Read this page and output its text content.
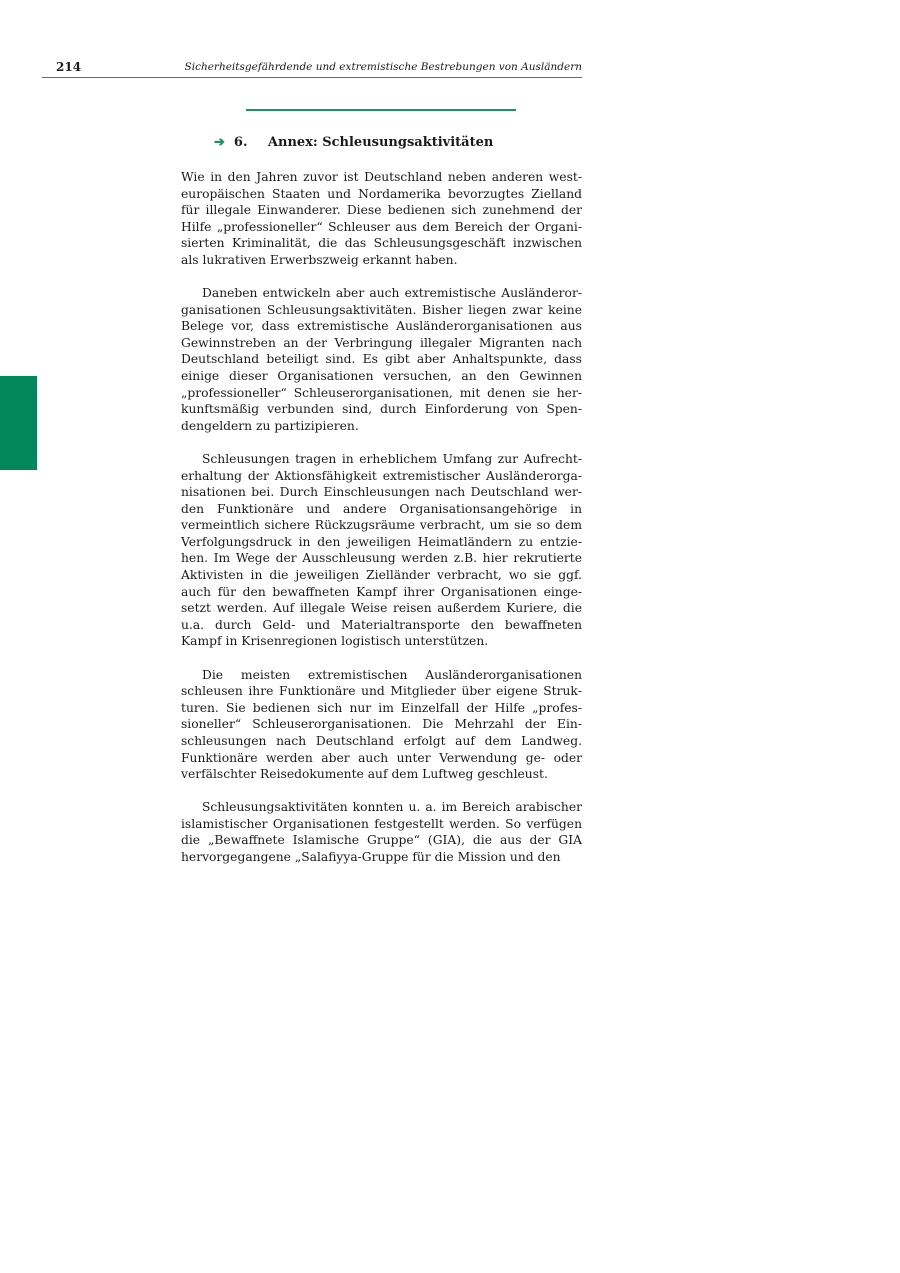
214	Sicherheitsgefährdende und extremistische Bestrebungen von Ausländern
➔ 6. Annex: Schleusungsaktivitäten

Wie in den Jahren zuvor ist Deutschland neben anderen westeuropäischen Staaten und Nordamerika bevorzugtes Zielland für illegale Einwanderer. Diese bedienen sich zunehmend der Hilfe „professioneller“ Schleuser aus dem Bereich der Organisierten Kriminalität, die das Schleusungsgeschäft inzwischen als lukrativen Erwerbszweig erkannt haben.

Daneben entwickeln aber auch extremistische Ausländerorganisationen Schleusungsaktivitäten. Bisher liegen zwar keine Belege vor, dass extremistische Ausländerorganisationen aus Gewinnstreben an der Verbringung illegaler Migranten nach Deutschland beteiligt sind. Es gibt aber Anhaltspunkte, dass einige dieser Organisationen versuchen, an den Gewinnen „professioneller“ Schleuserorganisationen, mit denen sie herkunftsmäßig verbunden sind, durch Einforderung von Spendengeldern zu partizipieren.

Schleusungen tragen in erheblichem Umfang zur Aufrechterhaltung der Aktionsfähigkeit extremistischer Ausländerorganisationen bei. Durch Einschleusungen nach Deutschland werden Funktionäre und andere Organisationsangehörige in vermeintlich sichere Rückzugsräume verbracht, um sie so dem Verfolgungsdruck in den jeweiligen Heimatländern zu entziehen. Im Wege der Ausschleusung werden z.B. hier rekrutierte Aktivisten in die jeweiligen Zielländer verbracht, wo sie ggf. auch für den bewaffneten Kampf ihrer Organisationen eingesetzt werden. Auf illegale Weise reisen außerdem Kuriere, die u.a. durch Geld- und Materialtransporte den bewaffneten Kampf in Krisenregionen logistisch unterstützen.

Die meisten extremistischen Ausländerorganisationen schleusen ihre Funktionäre und Mitglieder über eigene Strukturen. Sie bedienen sich nur im Einzelfall der Hilfe „professioneller“ Schleuserorganisationen. Die Mehrzahl der Einschleusungen nach Deutschland erfolgt auf dem Landweg. Funktionäre werden aber auch unter Verwendung ge- oder verfälschter Reisedokumente auf dem Luftweg geschleust.

Schleusungsaktivitäten konnten u. a. im Bereich arabischer islamistischer Organisationen festgestellt werden. So verfügen die „Bewaffnete Islamische Gruppe“ (GIA), die aus der GIA hervorgegangene „Salafiyya-Gruppe für die Mission und den
